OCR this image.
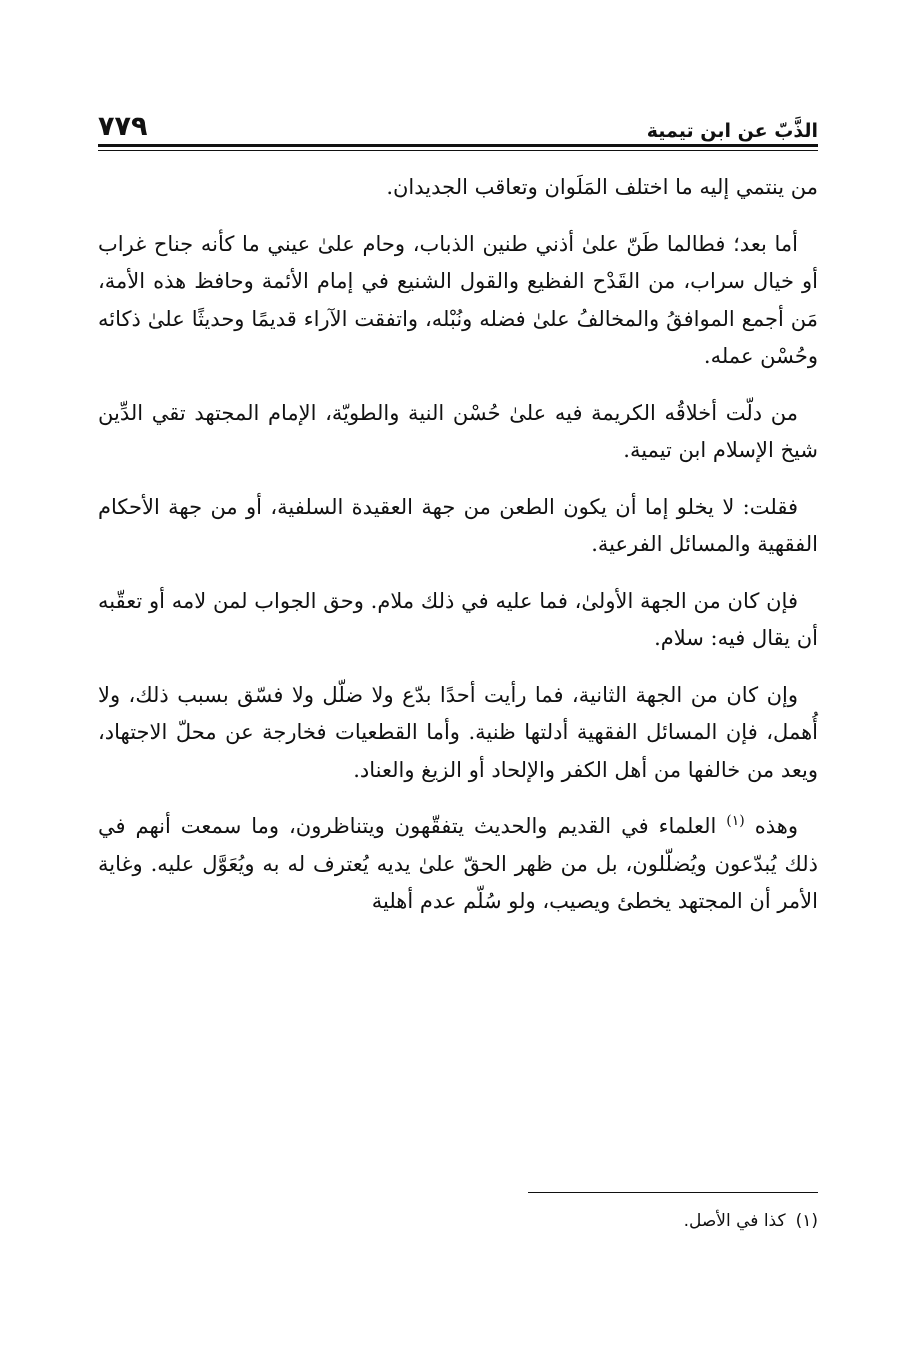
الذَّبّ عن ابن تيمية
٧٧٩

من ينتمي إليه ما اختلف المَلَوان وتعاقب الجديدان.

أما بعد؛ فطالما طَنّ علىٰ أذني طنين الذباب، وحام علىٰ عيني ما كأنه جناح غراب أو خيال سراب، من القَدْح الفظيع والقول الشنيع في إمام الأئمة وحافظ هذه الأمة، مَن أجمع الموافقُ والمخالفُ علىٰ فضله ونُبْله، واتفقت الآراء قديمًا وحديثًا علىٰ ذكائه وحُسْن عمله.

من دلّت أخلاقُه الكريمة فيه علىٰ حُسْن النية والطويّة، الإمام المجتهد تقي الدِّين شيخ الإسلام ابن تيمية.

فقلت: لا يخلو إما أن يكون الطعن من جهة العقيدة السلفية، أو من جهة الأحكام الفقهية والمسائل الفرعية.

فإن كان من الجهة الأولىٰ، فما عليه في ذلك ملام. وحق الجواب لمن لامه أو تعقّبه أن يقال فيه: سلام.

وإن كان من الجهة الثانية، فما رأيت أحدًا بدّع ولا ضلّل ولا فسّق بسبب ذلك، ولا أُهمل، فإن المسائل الفقهية أدلتها ظنية. وأما القطعيات فخارجة عن محلّ الاجتهاد، ويعد من خالفها من أهل الكفر والإلحاد أو الزيغ والعناد.

وهذه $^{(١)}$ العلماء في القديم والحديث يتفقّهون ويتناظرون، وما سمعت أنهم في ذلك يُبدّعون ويُضلّلون، بل من ظهر الحقّ علىٰ يديه يُعترف له به ويُعَوَّل عليه. وغاية الأمر أن المجتهد يخطئ ويصيب، ولو سُلّم عدم أهلية

(١)كذا في الأصل.
